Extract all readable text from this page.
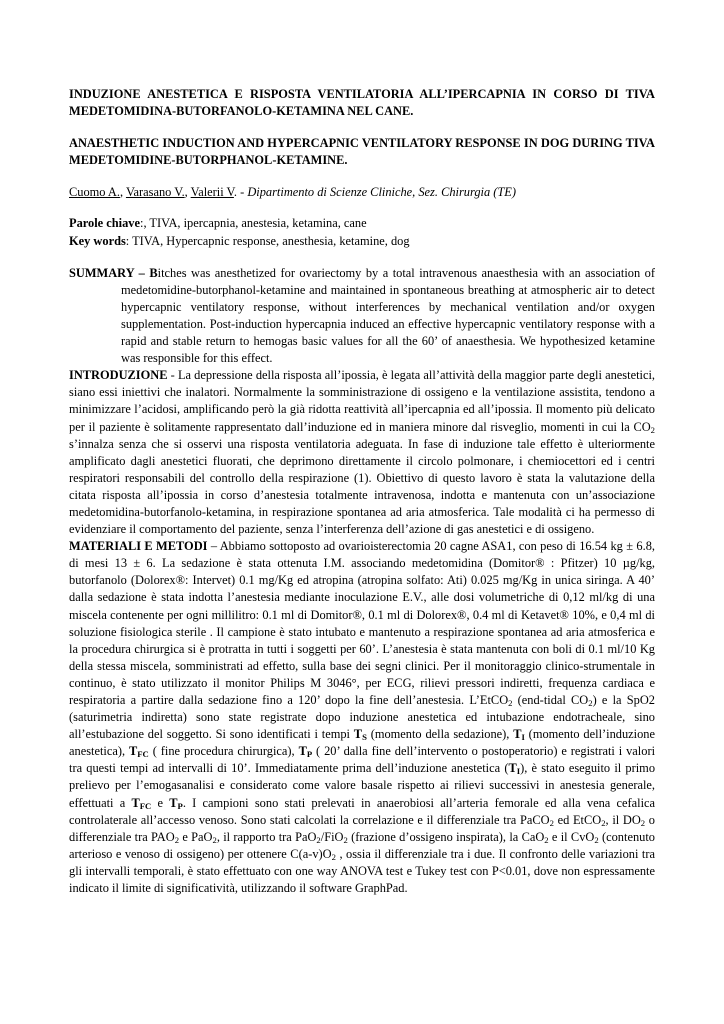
INDUZIONE ANESTETICA E RISPOSTA VENTILATORIA ALL’IPERCAPNIA IN CORSO DI TIVA MEDETOMIDINA-BUTORFANOLO-KETAMINA NEL CANE.

ANAESTHETIC INDUCTION AND HYPERCAPNIC VENTILATORY RESPONSE IN DOG DURING TIVA MEDETOMIDINE-BUTORPHANOL-KETAMINE.

Cuomo A., Varasano V., Valerii V. - Dipartimento di Scienze Cliniche, Sez. Chirurgia (TE)

Parole chiave:, TIVA, ipercapnia, anestesia, ketamina, cane

Key words: TIVA, Hypercapnic response, anesthesia, ketamine, dog

SUMMARY – Bitches was anesthetized for ovariectomy by a total intravenous anaesthesia with an association of medetomidine-butorphanol-ketamine and maintained in spontaneous breathing at atmospheric air to detect hypercapnic ventilatory response, without interferences by mechanical ventilation and/or oxygen supplementation. Post-induction hypercapnia induced an effective hypercapnic ventilatory response with a rapid and stable return to hemogas basic values for all the 60’ of anaesthesia. We hypothesized ketamine was responsible for this effect.

INTRODUZIONE - La depressione della risposta all’ipossia, è legata all’attività della maggior parte degli anestetici, siano essi iniettivi che inalatori. Normalmente la somministrazione di ossigeno e la ventilazione assistita, tendono a minimizzare l’acidosi, amplificando però la già ridotta reattività all’ipercapnia ed all’ipossia. Il momento più delicato per il paziente è solitamente rappresentato dall’induzione ed in maniera minore dal risveglio, momenti in cui la $CO_2$ s’innalza senza che si osservi una risposta ventilatoria adeguata. In fase di induzione tale effetto è ulteriormente amplificato dagli anestetici fluorati, che deprimono direttamente il circolo polmonare, i chemiocettori ed i centri respiratori responsabili del controllo della respirazione (1). Obiettivo di questo lavoro è stata la valutazione della citata risposta all’ipossia in corso d’anestesia totalmente intravenosa, indotta e mantenuta con un’associazione medetomidina-butorfanolo-ketamina, in respirazione spontanea ad aria atmosferica. Tale modalità ci ha permesso di evidenziare il comportamento del paziente, senza l’interferenza dell’azione di gas anestetici e di ossigeno.

MATERIALI E METODI – Abbiamo sottoposto ad ovarioisterectomia 20 cagne ASA1, con peso di 16.54 kg ± 6.8, di mesi 13 ± 6. La sedazione è stata ottenuta I.M. associando medetomidina (Domitor® : Pfitzer) 10 µg/kg, butorfanolo (Dolorex®: Intervet) 0.1 mg/Kg ed atropina (atropina solfato: Ati) 0.025 mg/Kg in unica siringa. A 40’ dalla sedazione è stata indotta l’anestesia mediante inoculazione E.V., alle dosi volumetriche di 0,12 ml/kg di una miscela contenente per ogni millilitro: 0.1 ml di Domitor®, 0.1 ml di Dolorex®, 0.4 ml di Ketavet® 10%, e 0,4 ml di soluzione fisiologica sterile . Il campione è stato intubato e mantenuto a respirazione spontanea ad aria atmosferica e la procedura chirurgica si è protratta in tutti i soggetti per 60’. L’anestesia è stata mantenuta con boli di 0.1 ml/10 Kg della stessa miscela, somministrati ad effetto, sulla base dei segni clinici. Per il monitoraggio clinico-strumentale in continuo, è stato utilizzato il monitor Philips M 3046°, per ECG, rilievi pressori indiretti, frequenza cardiaca e respiratoria a partire dalla sedazione fino a 120’ dopo la fine dell’anestesia. L’EtCO$_2$ (end-tidal $CO_2$) e la SpO2 (saturimetria indiretta) sono state registrate dopo induzione anestetica ed intubazione endotracheale, sino all’estubazione del soggetto. Si sono identificati i tempi $T_S$ (momento della sedazione), $T_I$ (momento dell’induzione anestetica), $T_{FC}$ ( fine procedura chirurgica), $T_P$ ( 20’ dalla fine dell’intervento o postoperatorio) e registrati i valori tra questi tempi ad intervalli di 10’. Immediatamente prima dell’induzione anestetica $(T_I)$, è stato eseguito il primo prelievo per l’emogasanalisi e considerato come valore basale rispetto ai rilievi successivi in anestesia generale, effettuati a $T_{FC}$ e $T_P$. I campioni sono stati prelevati in anaerobiosi all’arteria femorale ed alla vena cefalica controlaterale all’accesso venoso. Sono stati calcolati la correlazione e il differenziale tra PaCO$_2$ ed EtCO$_2$, il $DO_2$ o differenziale tra $PAO_2$ e PaO$_2$, il rapporto tra PaO$_2$/FiO$_2$ (frazione d’ossigeno inspirata), la CaO$_2$ e il CvO$_2$ (contenuto arterioso e venoso di ossigeno) per ottenere $C(a-v)O_2$ , ossia il differenziale tra i due. Il confronto delle variazioni tra gli intervalli temporali, è stato effettuato con one way ANOVA test e Tukey test con P<0.01, dove non espressamente indicato il limite di significatività, utilizzando il software GraphPad.
